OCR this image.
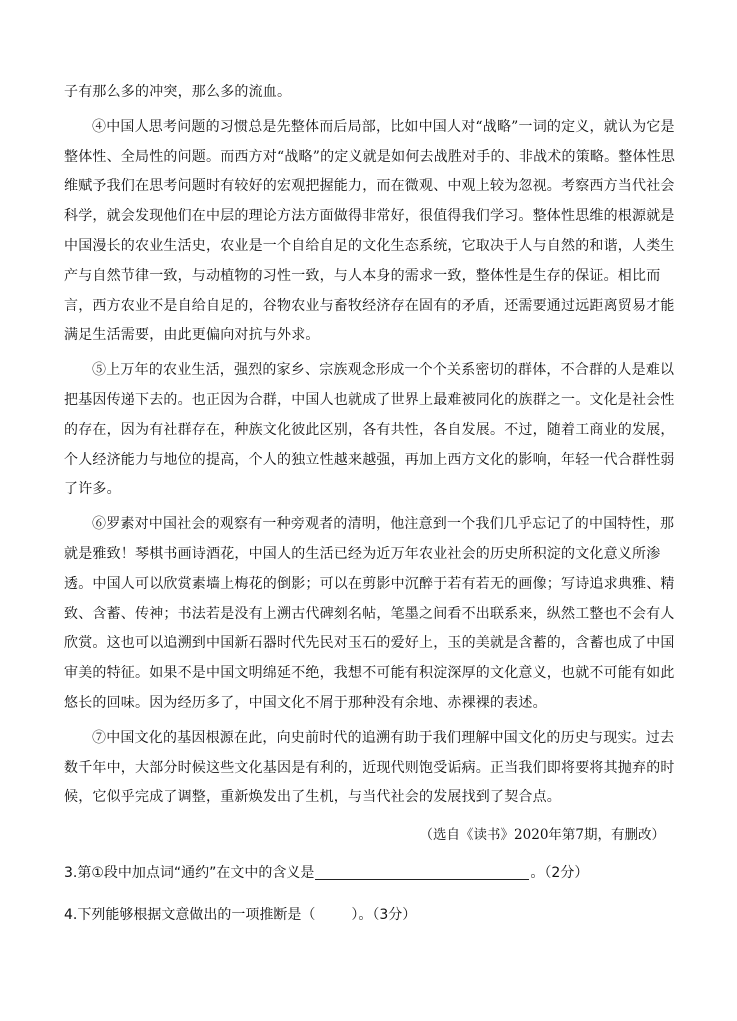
子有那么多的冲突，那么多的流血。

④中国人思考问题的习惯总是先整体而后局部，比如中国人对“战略”一词的定义，就认为它是整体性、全局性的问题。而西方对“战略”的定义就是如何去战胜对手的、非战术的策略。整体性思维赋予我们在思考问题时有较好的宏观把握能力，而在微观、中观上较为忽视。考察西方当代社会科学，就会发现他们在中层的理论方法方面做得非常好，很值得我们学习。整体性思维的根源就是中国漫长的农业生活史，农业是一个自给自足的文化生态系统，它取决于人与自然的和谐，人类生产与自然节律一致，与动植物的习性一致，与人本身的需求一致，整体性是生存的保证。相比而言，西方农业不是自给自足的，谷物农业与畜牧经济存在固有的矛盾，还需要通过远距离贸易才能满足生活需要，由此更偏向对抗与外求。

⑤上万年的农业生活，强烈的家乡、宗族观念形成一个个关系密切的群体，不合群的人是难以把基因传递下去的。也正因为合群，中国人也就成了世界上最难被同化的族群之一。文化是社会性的存在，因为有社群存在，种族文化彼此区别，各有共性，各自发展。不过，随着工商业的发展，个人经济能力与地位的提高，个人的独立性越来越强，再加上西方文化的影响，年轻一代合群性弱了许多。

⑥罗素对中国社会的观察有一种旁观者的清明，他注意到一个我们几乎忘记了的中国特性，那就是雅致！琴棋书画诗酒花，中国人的生活已经为近万年农业社会的历史所积淀的文化意义所渗透。中国人可以欣赏素墙上梅花的倒影；可以在剪影中沉醉于若有若无的画像；写诗追求典雅、精致、含蓄、传神；书法若是没有上溯古代碑刻名帖，笔墨之间看不出联系来，纵然工整也不会有人欣赏。这也可以追溯到中国新石器时代先民对玉石的爱好上，玉的美就是含蓄的，含蓄也成了中国审美的特征。如果不是中国文明绵延不绝，我想不可能有积淀深厚的文化意义，也就不可能有如此悠长的回味。因为经历多了，中国文化不屑于那种没有余地、赤裸裸的表述。

⑦中国文化的基因根源在此，向史前时代的追溯有助于我们理解中国文化的历史与现实。过去数千年中，大部分时候这些文化基因是有利的，近现代则饱受诟病。正当我们即将要将其抛弃的时候，它似乎完成了调整，重新焕发出了生机，与当代社会的发展找到了契合点。

（选自《读书》2020年第7期，有删改）
3.第①段中加点词“通约”在文中的含义是	。（2分）
4.下列能够根据文意做出的一项推断是（	）。（3分）
